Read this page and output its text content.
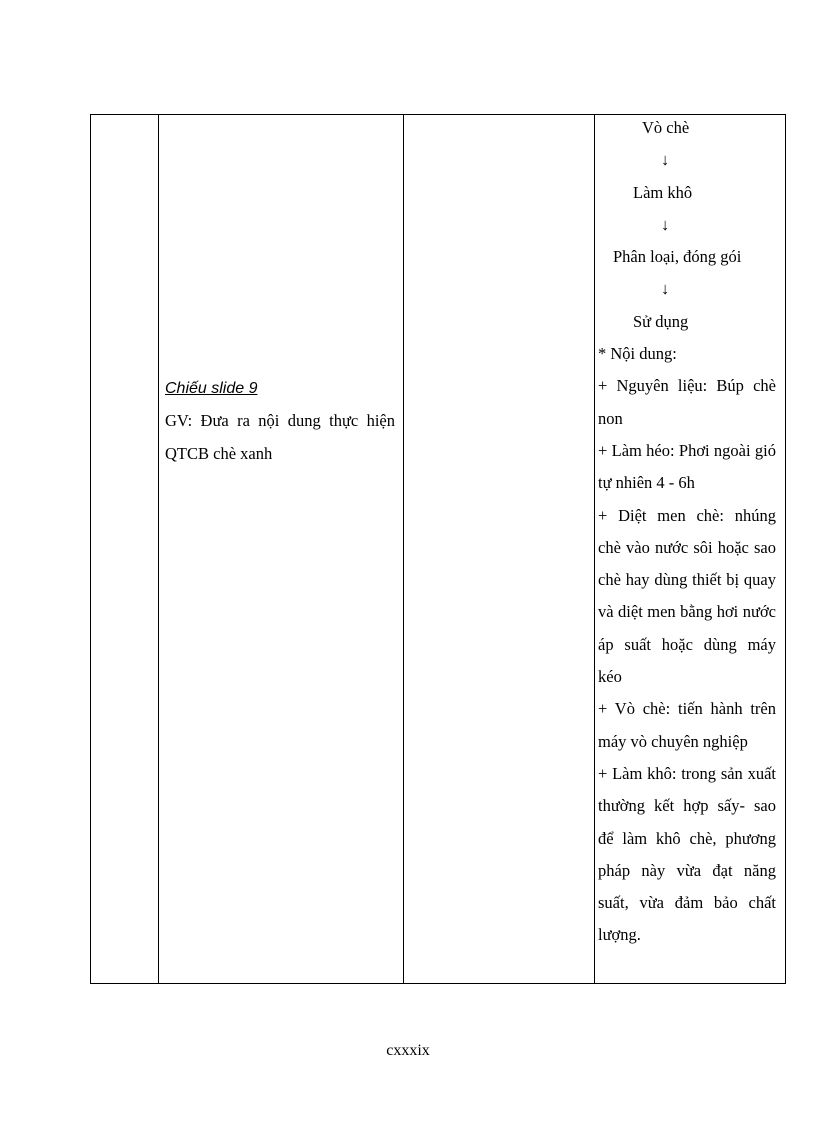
Chiếu slide 9

GV: Đưa ra nội dung thực hiện QTCB chè xanh

Vò chè
↓
Làm khô
↓
Phân loại, đóng gói
↓
Sử dụng

* Nội dung:

+ Nguyên liệu: Búp chè non

+ Làm héo: Phơi ngoài gió tự nhiên 4 - 6h

+ Diệt men chè: nhúng chè vào nước sôi hoặc sao chè hay dùng thiết bị quay và diệt men bằng hơi nước áp suất hoặc dùng máy kéo

+ Vò chè: tiến hành trên máy vò chuyên nghiệp

+ Làm khô: trong sản xuất thường kết hợp sấy- sao để làm khô chè, phương pháp này vừa đạt năng suất, vừa đảm bảo chất lượng.

cxxxix
